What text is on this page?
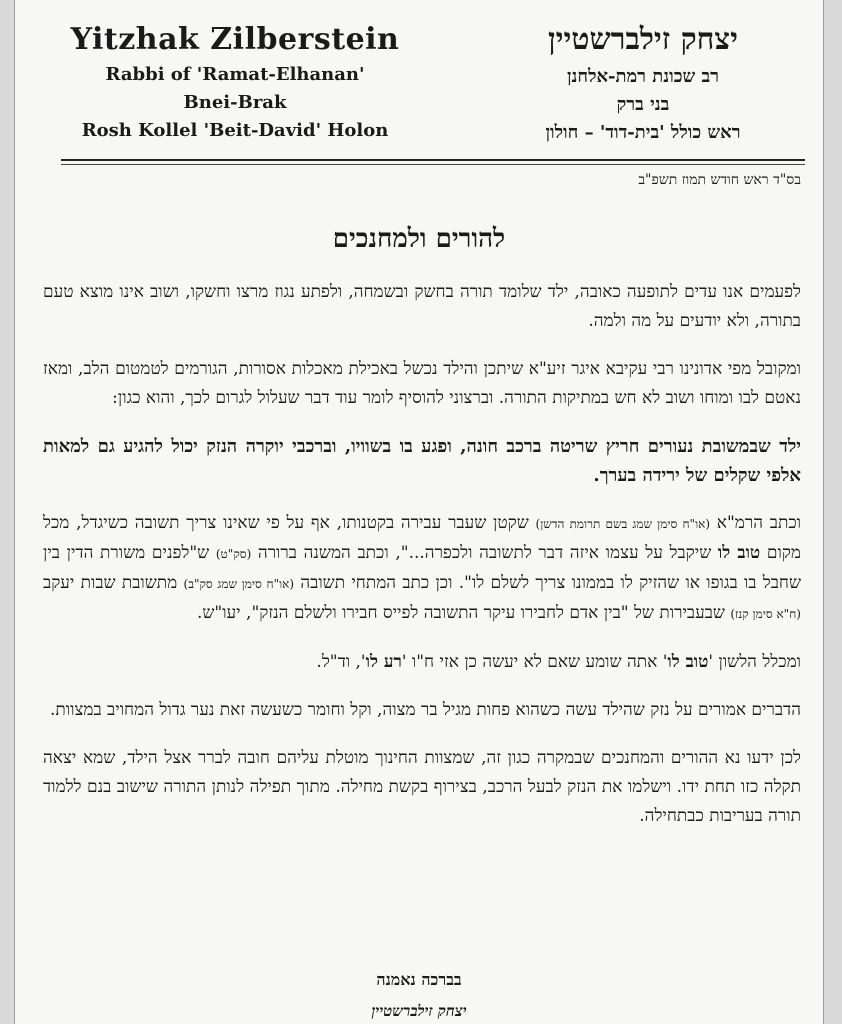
Yitzhak Zilberstein
Rabbi of 'Ramat-Elhanan'
Bnei-Brak
Rosh Kollel 'Beit-David' Holon
יצחק זילברשטיין
רב שכונת רמת-אלחנן
בני ברק
ראש כולל 'בית-דוד' – חולון
בס"ד ראש חודש תמוז תשפ"ב
להורים ולמחנכים

לפעמים אנו עדים לתופעה כאובה, ילד שלומד תורה בחשק ובשמחה, ולפתע נגוז מרצו וחשקו, ושוב אינו מוצא טעם בתורה, ולא יודעים על מה ולמה.

ומקובל מפי אדונינו רבי עקיבא איגר זיע"א שיתכן והילד נכשל באכילת מאכלות אסורות, הגורמים לטמטום הלב, ומאז נאטם לבו ומוחו ושוב לא חש במתיקות התורה. וברצוני להוסיף לומר עוד דבר שעלול לגרום לכך, והוא כגון:

ילד שבמשובת נעורים חריץ שריטה ברכב חונה, ופגע בו בשוויו, וברכבי יוקרה הנזק יכול להגיע גם למאות אלפי שקלים של ירידה בערך.

וכתב הרמ"א (או"ח סימן שמג בשם תרומת הדשן) שקטן שעבר עבירה בקטנותו, אף על פי שאינו צריך תשובה כשיגדל, מכל מקום טוב לו שיקבל על עצמו איזה דבר לתשובה ולכפרה...", וכתב המשנה ברורה (סק"ט) ש"לפנים משורת הדין בין שחבל בו בגופו או שהזיק לו בממונו צריך לשלם לו". וכן כתב המתחי תשובה (או"ח סימן שמג סק"ב) מתשובת שבות יעקב (ח"א סימן קנז) שבעבירות של "בין אדם לחבירו עיקר התשובה לפייס חבירו ולשלם הנזק", יעו"ש.

ומכלל הלשון 'טוב לו' אתה שומע שאם לא יעשה כן אזי ח"ו 'רע לו', וד"ל.

הדברים אמורים על נזק שהילד עשה כשהוא פחות מגיל בר מצוה, וקל וחומר כשעשה זאת נער גדול המחויב במצוות.

לכן ידעו נא ההורים והמחנכים שבמקרה כגון זה, שמצוות החינוך מוטלת עליהם חובה לברר אצל הילד, שמא יצאה תקלה כזו תחת ידו. וישלמו את הנזק לבעל הרכב, בצירוף בקשת מחילה. מתוך תפילה לנותן התורה שישוב בנם ללמוד תורה בעריבות כבתחילה.

בברכה נאמנה
יצחק זילברשטיין
